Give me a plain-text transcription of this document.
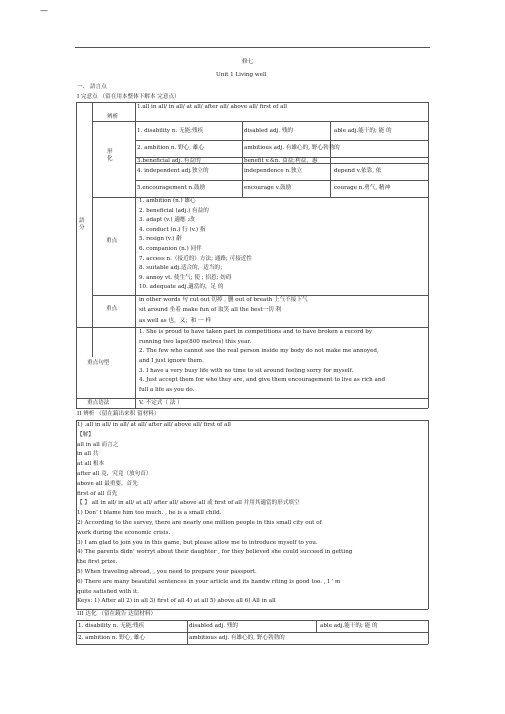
—
修七
Unit 1 Living well
一、 語言点
I 完意点 （留在用本整体下解本 完意点）
語
分
辨析
1.all in all/ in all/ at all/ after all/ above all/ first of all
形
化
1. disability n. 无能;残疾	disabled adj. 残的	able adj.能干的; 能 的
2. ambition n. 野心, 雄心	ambitious adj. 有雄心的, 野心勃勃的
3.beneficial adj. 有益的	benefit v.&n. 益益;利益，惠
4. independent adj.独立的	independence n.独立	depend v.依靠, 依
5.encouragement n.鼓励	encourage v.鼓励	courage n.勇气, 精神
重点
1. ambition (n.) 雄心
2. beneficial (adj.) 有益的
3. adapt (v.) 適應 ;改
4. conduct (n.) 行 (v.) 指
5. resign (v.) 辭
6. companion (n.) 同伴
7. access n.（接近的）方法; 通路; 可接近性
8. suitable adj.适合的，适当的；
9. annoy vt. 使生气; 使 ; 招惹; 妨碍
10. adequate adj.適當的，足 的
重点
in other words 句 cut out 切掉 , 删 out of breath 上气不接下气
sit around 坐着 make fun of 取笑 all the best一切 利
as well as 也，又；和 一 样
重点句型
1. She is proud to have taken part in competitions and to have broken a record by
running two laps(800 metres) this year.
2. The few who cannot see the real person inside my body do not make me annoyed,
and I just ignore them.
3. I have a very busy life with no time to sit around feeling sorry for myself.
4. Just accept them for who they are, and give them encouragement to live as rich and
full a life as you do.
重点语法	V. 不定式（ 法 ）
II 辨析 （留在鎬出来积 留材料）
1) .all in all/ in all/ at all/ after all/ above all/ first of all
【解】
all in all 而言之
in all 共
at all 根本
after all 竟，究竟（放句首）
above all 最重要，首先
first of all 首先
【 】 all in all/ in all/ at all/ after all/ above all 或 first of all 并用其適當的形式填空
1) Don’ t blame him too much. , he is a small child.
2) According to the survey, there are nearly one million people in this small city out of
work during the economic crisis.
3) I am glad to join you in this game, but please allow me to introduce myself to you.
4) The parents didn’ worryt about their daughter , for they believed she could succeed in getting
the first prize.
5) When traveling abroad, , you need to prepare your passport.
6) There are many beautiful sentences in your article and its handw riting is good too. , I ’ m
quite satisfied with it.
Keys: 1) After all 2) in all 3) first of all 4) at all 5) above all 6) All in all
III 达化 （留在鏡告 达留材料）
1. disability n. 无能;残疾	disabled adj. 残的	able adj.能干的; 能 的
2. ambition n. 野心, 雄心	ambitious adj. 有雄心的, 野心勃勃的
